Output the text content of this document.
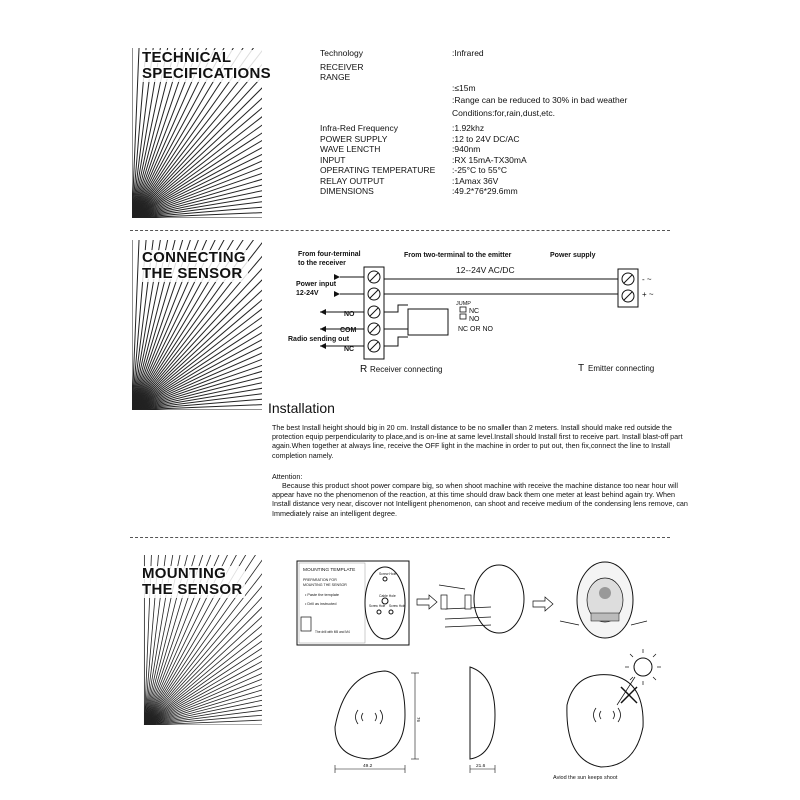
TECHNICAL
SPECIFICATIONS
CONNECTING
THE SENSOR
MOUNTING
THE SENSOR
Technology	:Infrared
RECEIVER
RANGE
:≤15m
:Range can be reduced to 30% in bad weather
Conditions:for,rain,dust,etc.
Infra-Red Frequency	:1.92khz
POWER SUPPLY	:12 to 24V DC/AC
WAVE LENCTH	:940nm
INPUT	:RX 15mA-TX30mA
OPERATING TEMPERATURE	:-25°C to 55°C
RELAY OUTPUT	:1Amax 36V
DIMENSIONS	:49.2*76*29.6mm
From four-terminal
to the receiver
From two-terminal to the emitter	Power supply
12--24V AC/DC
Power input
12-24V
NO
COM
Radio sending out
NC
JUMP
NC
NO
NC OR NO
R Receiver connecting	T Emitter connecting
- ~
+ ~
Installation
The best Install height should big in 20 cm. Install distance to be no smaller than 2 meters. Install should make red outside the protection equip perpendicularity to place,and is on-line at same level.Install should Install first to receive part. Install blast-off part again.When together at always line, receive the OFF light in the machine in order to put out, then fix,connect the line to Install completion namely.
Attention:
Because this product shoot power compare big, so when shoot machine with receive the machine distance too near hour will appear have no the phenomenon of the reaction, at this time should draw back them one meter at least behind again try. When Install distance very near, discover not Intelligent phenomenon, can shoot and receive medium of the condensing lens remove, can Immediately raise an intelligent degree.
MOUNTING TEMPLATE
PREPARATION FOR
MOUNTING THE SENSOR
• Paste the template
• Drill as instructed
The drill with M5 and M4
Screw Hole
Cable Hole
Screw Hole Screw Hole
76
49.2	21.6
Aviod the sun keeps shoot
